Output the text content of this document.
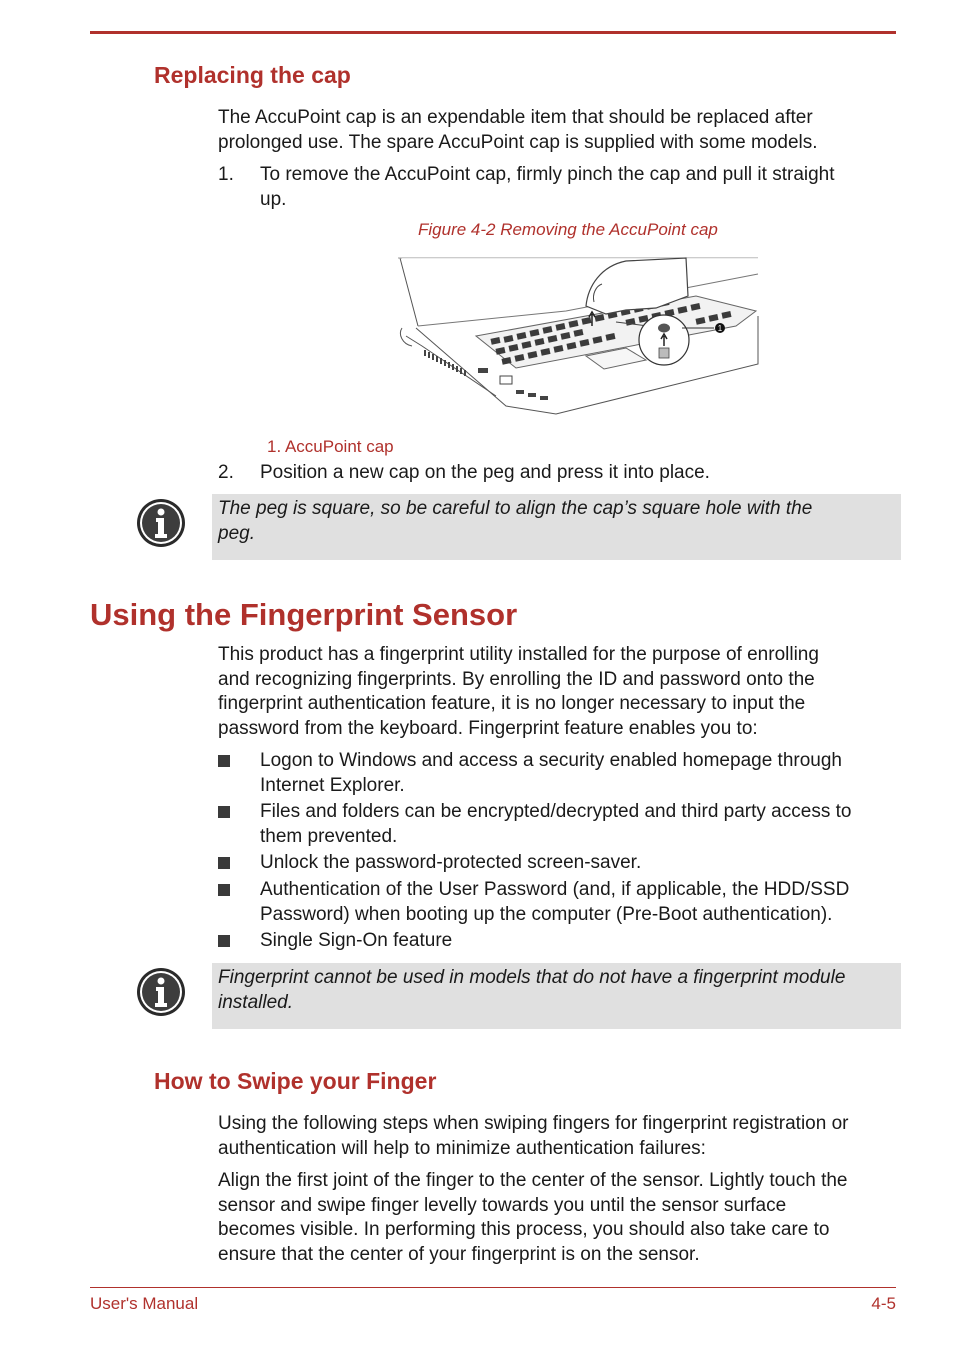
Replacing the cap
The AccuPoint cap is an expendable item that should be replaced after
prolonged use. The spare AccuPoint cap is supplied with some models.
1. To remove the AccuPoint cap, firmly pinch the cap and pull it straight
up.
Figure 4-2 Removing the AccuPoint cap
1
1. AccuPoint cap
2. Position a new cap on the peg and press it into place.
The peg is square, so be careful to align the cap’s square hole with the
peg.
Using the Fingerprint Sensor
This product has a fingerprint utility installed for the purpose of enrolling
and recognizing fingerprints. By enrolling the ID and password onto the
fingerprint authentication feature, it is no longer necessary to input the
password from the keyboard. Fingerprint feature enables you to:
Logon to Windows and access a security enabled homepage through
Internet Explorer.
Files and folders can be encrypted/decrypted and third party access to
them prevented.
Unlock the password-protected screen-saver.
Authentication of the User Password (and, if applicable, the HDD/SSD
Password) when booting up the computer (Pre-Boot authentication).
Single Sign-On feature
Fingerprint cannot be used in models that do not have a fingerprint module
installed.
How to Swipe your Finger
Using the following steps when swiping fingers for fingerprint registration or
authentication will help to minimize authentication failures:
Align the first joint of the finger to the center of the sensor. Lightly touch the
sensor and swipe finger levelly towards you until the sensor surface
becomes visible. In performing this process, you should also take care to
ensure that the center of your fingerprint is on the sensor.
User's Manual	4-5
